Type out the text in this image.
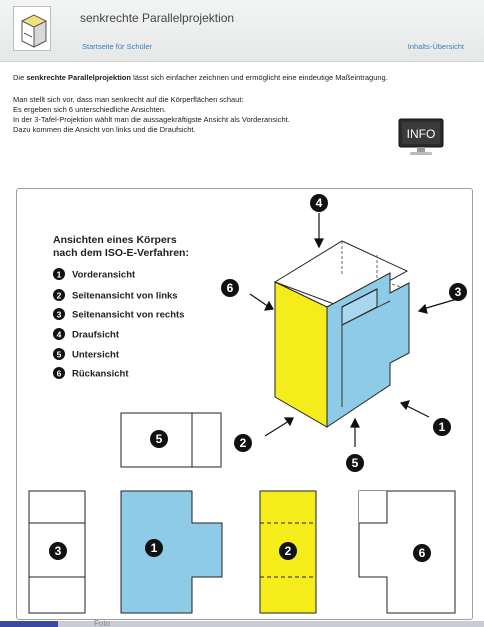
senkrechte Parallelprojektion
Startseite für Schüler	Inhalts-Übersicht

Die senkrechte Parallelprojektion lässt sich einfacher zeichnen und ermöglicht eine eindeutige Maßeintragung.

Man stellt sich vor, dass man senkrecht auf die Körperflächen schaut:

Es ergeben sich 6 unterschiedliche Ansichten.

In der 3-Tafel-Projektion wählt man die aussagekräftigste Ansicht als Vorderansicht.

Dazu kommen die Ansicht von links und die Draufsicht.	INFO
Ansichten eines Körpers
nach dem ISO-E-Verfahren:
1 Vorderansicht
2 Seitenansicht von links
3 Seitenansicht von rechts
4 Draufsicht
5 Untersicht
6 Rückansicht
4
6	3
2
5
1
5
3	1	2	6
Foto
